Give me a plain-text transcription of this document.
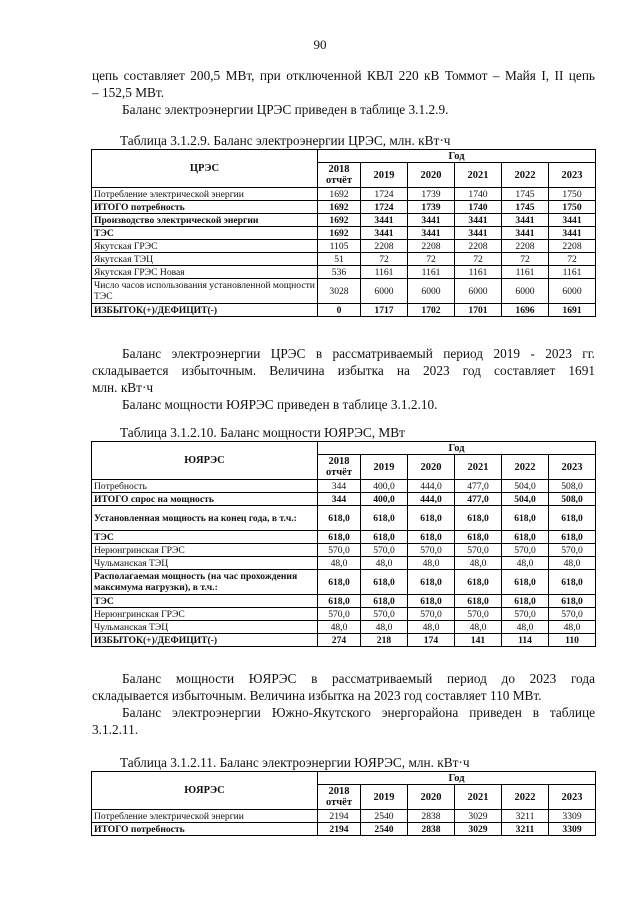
90
цепь составляет 200,5 МВт, при отключенной КВЛ 220 кВ Томмот – Майя I, II цепь
– 152,5 МВт.
Баланс электроэнергии ЦРЭС приведен в таблице 3.1.2.9.
Таблица 3.1.2.9. Баланс электроэнергии ЦРЭС, млн. кВт·ч
ЦРЭС	Год					
	2018 отчёт	2019	2020	2021	2022	2023
Потребление электрической энергии	1692	1724	1739	1740	1745	1750
ИТОГО потребность	1692	1724	1739	1740	1745	1750
Производство электрической энергии	1692	3441	3441	3441	3441	3441
ТЭС	1692	3441	3441	3441	3441	3441
Якутская ГРЭС	1105	2208	2208	2208	2208	2208
Якутская ТЭЦ	51	72	72	72	72	72
Якутская ГРЭС Новая	536	1161	1161	1161	1161	1161
Число часов использования установленной мощности ТЭС	3028	6000	6000	6000	6000	6000
ИЗБЫТОК(+)/ДЕФИЦИТ(-)	0	1717	1702	1701	1696	1691
Баланс электроэнергии ЦРЭС в рассматриваемый период 2019 - 2023 гг.
складывается избыточным. Величина избытка на 2023 год составляет 1691
млн. кВт·ч
Баланс мощности ЮЯРЭС приведен в таблице 3.1.2.10.
Таблица 3.1.2.10. Баланс мощности ЮЯРЭС, МВт
ЮЯРЭС	Год					
	2018 отчёт	2019	2020	2021	2022	2023
Потребность	344	400,0	444,0	477,0	504,0	508,0
ИТОГО спрос на мощность	344	400,0	444,0	477,0	504,0	508,0
Установленная мощность на конец года, в т.ч.:	618,0	618,0	618,0	618,0	618,0	618,0
ТЭС	618,0	618,0	618,0	618,0	618,0	618,0
Нерюнгринская ГРЭС	570,0	570,0	570,0	570,0	570,0	570,0
Чульманская ТЭЦ	48,0	48,0	48,0	48,0	48,0	48,0
Располагаемая мощность (на час прохождения максимума нагрузки), в т.ч.:	618,0	618,0	618,0	618,0	618,0	618,0
ТЭС	618,0	618,0	618,0	618,0	618,0	618,0
Нерюнгринская ГРЭС	570,0	570,0	570,0	570,0	570,0	570,0
Чульманская ТЭЦ	48,0	48,0	48,0	48,0	48,0	48,0
ИЗБЫТОК(+)/ДЕФИЦИТ(-)	274	218	174	141	114	110
Баланс мощности ЮЯРЭС в рассматриваемый период до 2023 года
складывается избыточным. Величина избытка на 2023 год составляет 110 МВт.
Баланс электроэнергии Южно-Якутского энергорайона приведен в таблице
3.1.2.11.
Таблица 3.1.2.11. Баланс электроэнергии ЮЯРЭС, млн. кВт·ч
ЮЯРЭС	Год					
	2018 отчёт	2019	2020	2021	2022	2023
Потребление электрической энергии	2194	2540	2838	3029	3211	3309
ИТОГО потребность	2194	2540	2838	3029	3211	3309
